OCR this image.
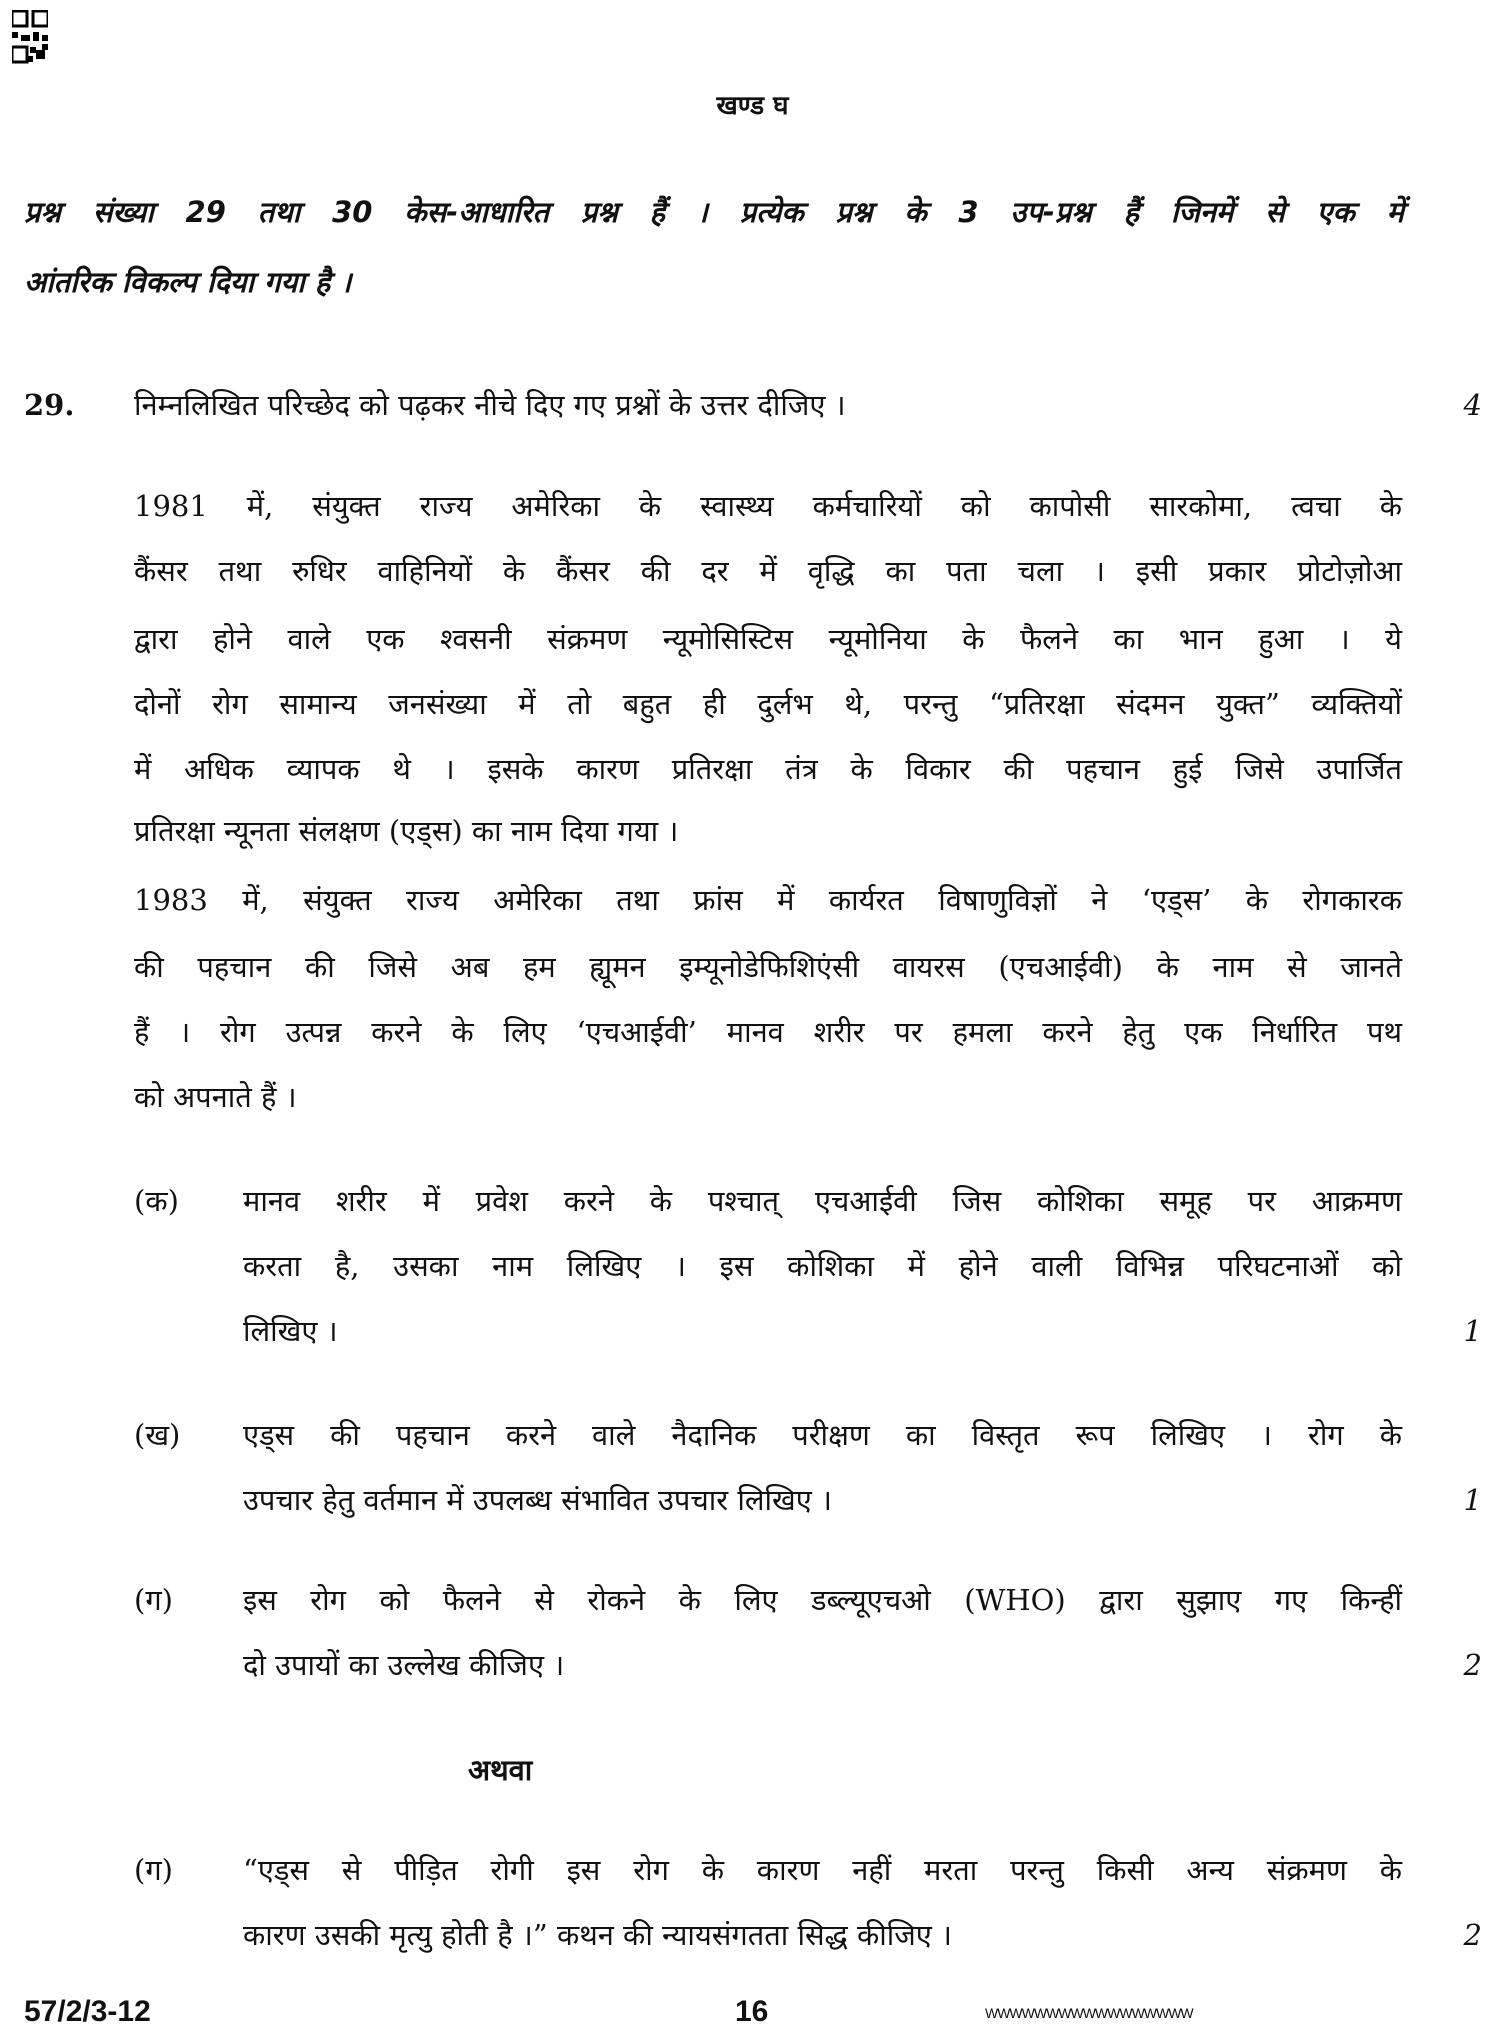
खण्ड घ
प्रश्न संख्या 29 तथा 30 केस-आधारित प्रश्न हैं । प्रत्येक प्रश्न के 3 उप-प्रश्न हैं जिनमें से एक में
आंतरिक विकल्प दिया गया है ।
29. निम्नलिखित परिच्छेद को पढ़कर नीचे दिए गए प्रश्नों के उत्तर दीजिए ।	4
1981 में, संयुक्त राज्य अमेरिका के स्वास्थ्य कर्मचारियों को कापोसी सारकोमा, त्वचा के
कैंसर तथा रुधिर वाहिनियों के कैंसर की दर में वृद्धि का पता चला । इसी प्रकार प्रोटोज़ोआ
द्वारा होने वाले एक श्वसनी संक्रमण न्यूमोसिस्टिस न्यूमोनिया के फैलने का भान हुआ । ये
दोनों रोग सामान्य जनसंख्या में तो बहुत ही दुर्लभ थे, परन्तु “प्रतिरक्षा संदमन युक्त” व्यक्तियों
में अधिक व्यापक थे । इसके कारण प्रतिरक्षा तंत्र के विकार की पहचान हुई जिसे उपार्जित
प्रतिरक्षा न्यूनता संलक्षण (एड्स) का नाम दिया गया ।
1983 में, संयुक्त राज्य अमेरिका तथा फ्रांस में कार्यरत विषाणुविज्ञों ने ‘एड्स’ के रोगकारक
की पहचान की जिसे अब हम ह्यूमन इम्यूनोडेफिशिएंसी वायरस (एचआईवी) के नाम से जानते
हैं । रोग उत्पन्न करने के लिए ‘एचआईवी’ मानव शरीर पर हमला करने हेतु एक निर्धारित पथ
को अपनाते हैं ।
(क) मानव शरीर में प्रवेश करने के पश्चात् एचआईवी जिस कोशिका समूह पर आक्रमण
करता है, उसका नाम लिखिए । इस कोशिका में होने वाली विभिन्न परिघटनाओं को
लिखिए ।	1
(ख) एड्स की पहचान करने वाले नैदानिक परीक्षण का विस्तृत रूप लिखिए । रोग के
उपचार हेतु वर्तमान में उपलब्ध संभावित उपचार लिखिए ।	1
(ग) इस रोग को फैलने से रोकने के लिए डब्ल्यूएचओ (WHO) द्वारा सुझाए गए किन्हीं
दो उपायों का उल्लेख कीजिए ।	2
(ग) “एड्स से पीड़ित रोगी इस रोग के कारण नहीं मरता परन्तु किसी अन्य संक्रमण के
कारण उसकी मृत्यु होती है ।” कथन की न्यायसंगतता सिद्ध कीजिए ।	2
अथवा
57/2/3-12	16	WWWWWWWWWWWWWWWWW
